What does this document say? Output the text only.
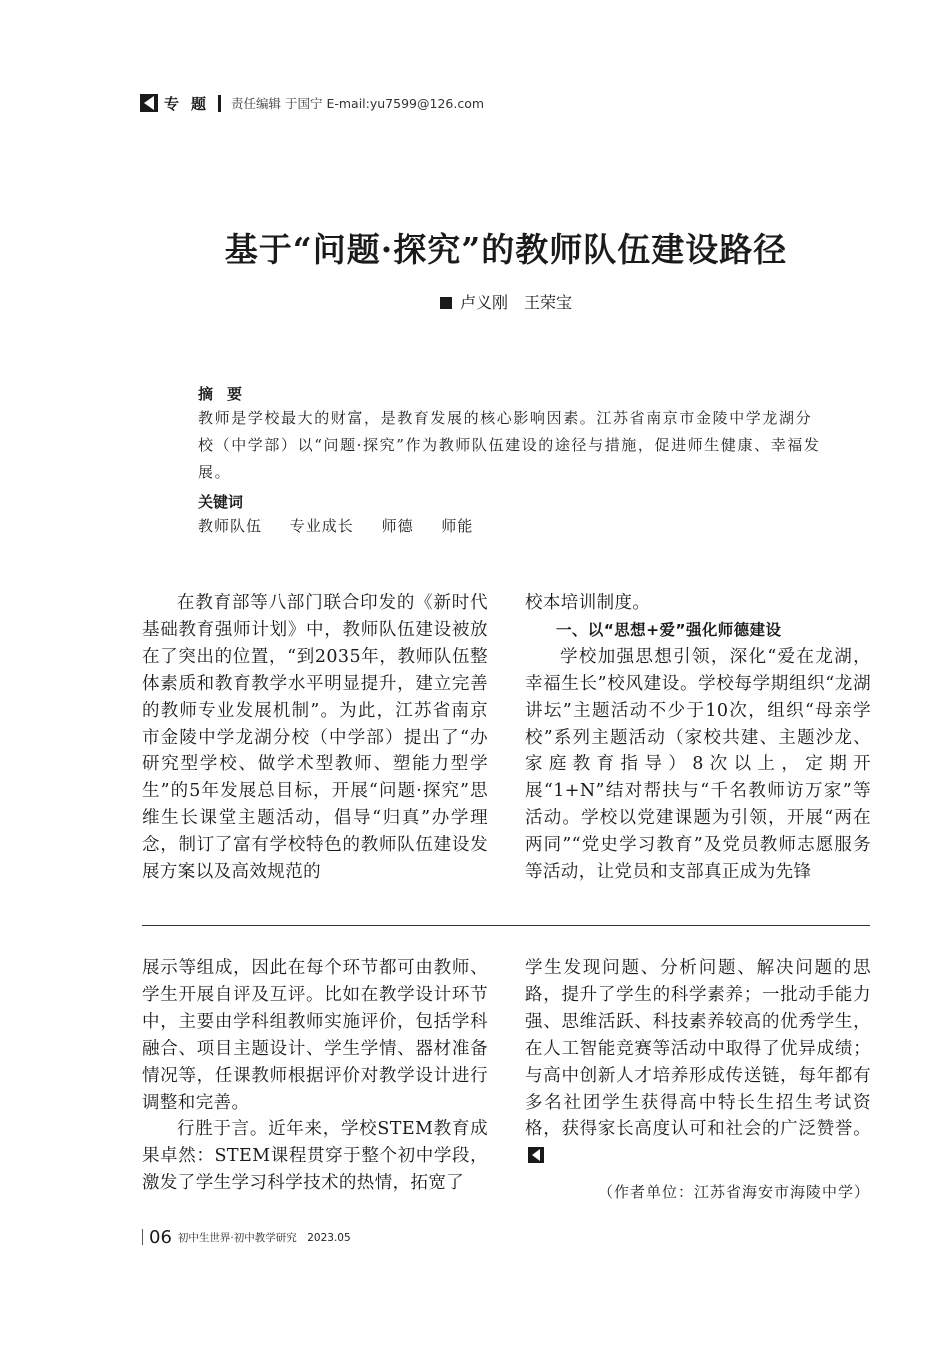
专题 责任编辑 于国宁 E-mail:yu7599@126.com
基于“问题·探究”的教师队伍建设路径
卢义刚　王荣宝
摘要
教师是学校最大的财富，是教育发展的核心影响因素。江苏省南京市金陵中学龙湖分校（中学部）以“问题·探究”作为教师队伍建设的途径与措施，促进师生健康、幸福发展。
关键词
教师队伍 专业成长 师德 师能

在教育部等八部门联合印发的《新时代基础教育强师计划》中，教师队伍建设被放在了突出的位置，“到2035年，教师队伍整体素质和教育教学水平明显提升，建立完善的教师专业发展机制”。为此，江苏省南京市金陵中学龙湖分校（中学部）提出了“办研究型学校、做学术型教师、塑能力型学生”的5年发展总目标，开展“问题·探究”思维生长课堂主题活动，倡导“归真”办学理念，制订了富有学校特色的教师队伍建设发展方案以及高效规范的

校本培训制度。

一、以“思想+爱”强化师德建设

学校加强思想引领，深化“爱在龙湖，幸福生长”校风建设。学校每学期组织“龙湖讲坛”主题活动不少于10次，组织“母亲学校”系列主题活动（家校共建、主题沙龙、家庭教育指导）8次以上，定期开展“1+N”结对帮扶与“千名教师访万家”等活动。学校以党建课题为引领，开展“两在两同”“党史学习教育”及党员教师志愿服务等活动，让党员和支部真正成为先锋

展示等组成，因此在每个环节都可由教师、学生开展自评及互评。比如在教学设计环节中，主要由学科组教师实施评价，包括学科融合、项目主题设计、学生学情、器材准备情况等，任课教师根据评价对教学设计进行调整和完善。

行胜于言。近年来，学校STEM教育成果卓然：STEM课程贯穿于整个初中学段，激发了学生学习科学技术的热情，拓宽了

学生发现问题、分析问题、解决问题的思路，提升了学生的科学素养；一批动手能力强、思维活跃、科技素养较高的优秀学生，在人工智能竞赛等活动中取得了优异成绩；与高中创新人才培养形成传送链，每年都有多名社团学生获得高中特长生招生考试资格，获得家长高度认可和社会的广泛赞誉。

（作者单位：江苏省海安市海陵中学）
06 初中生世界·初中教学研究　2023.05
